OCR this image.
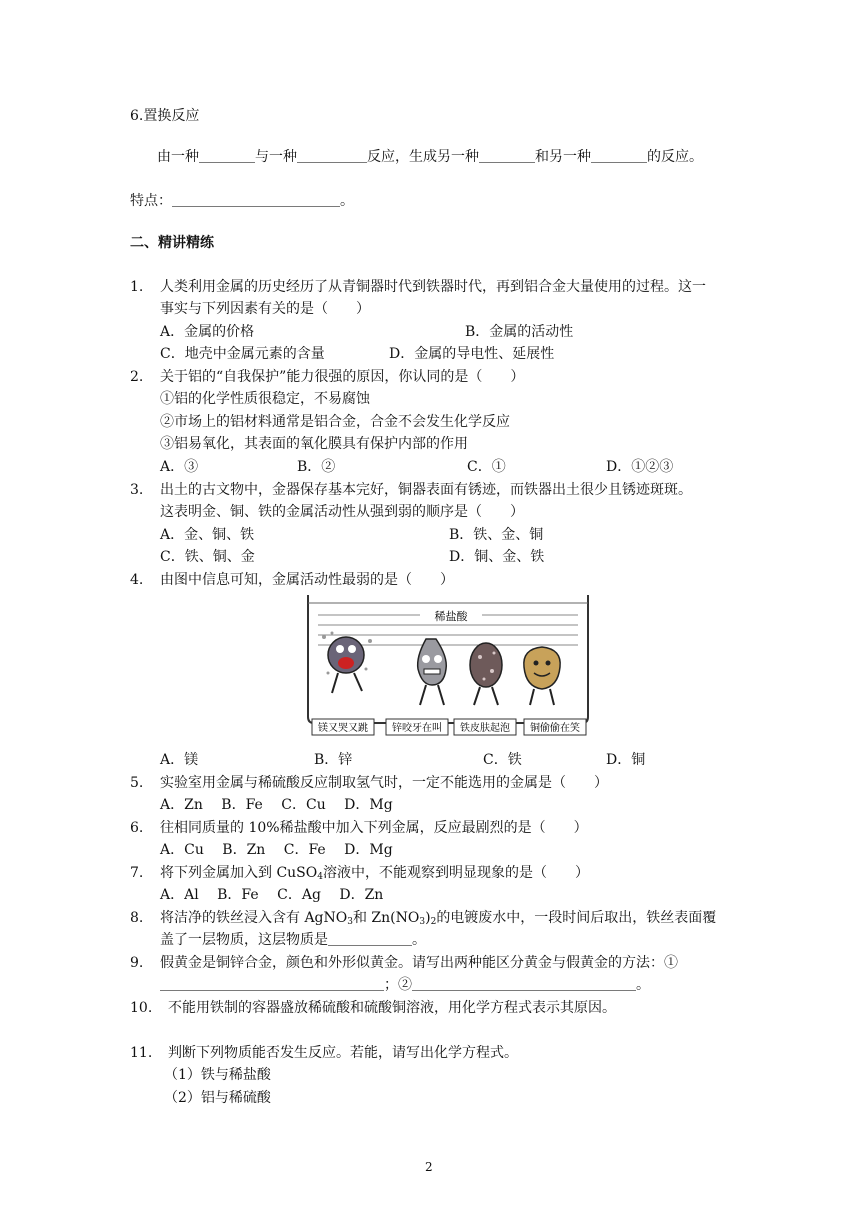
6.置换反应
由一种＿＿＿＿与一种＿＿＿＿＿反应，生成另一种＿＿＿＿和另一种＿＿＿＿的反应。
特点：＿＿＿＿＿＿＿＿＿＿＿＿。
二、精讲精练
1. 人类利用金属的历史经历了从青铜器时代到铁器时代，再到铝合金大量使用的过程。这一
事实与下列因素有关的是（　　）
A．金属的价格	B．金属的活动性
C．地壳中金属元素的含量	D．金属的导电性、延展性
2. 关于铝的“自我保护”能力很强的原因，你认同的是（　　）
①铝的化学性质很稳定，不易腐蚀
②市场上的铝材料通常是铝合金，合金不会发生化学反应
③铝易氧化，其表面的氧化膜具有保护内部的作用
A．③	B．②	C．①	D．①②③
3. 出土的古文物中，金器保存基本完好，铜器表面有锈迹，而铁器出土很少且锈迹斑斑。
这表明金、铜、铁的金属活动性从强到弱的顺序是（　　）
A．金、铜、铁	B．铁、金、铜
C．铁、铜、金	D．铜、金、铁
4. 由图中信息可知，金属活动性最弱的是（　　）
稀盐酸
镁又哭又跳 锌咬牙在叫 铁皮肤起泡 铜偷偷在笑
A．镁	B．锌	C．铁	D．铜
5. 实验室用金属与稀硫酸反应制取氢气时，一定不能选用的金属是（　　）
A．Zn　 B．Fe　 C．Cu　 D．Mg
6. 往相同质量的 10%稀盐酸中加入下列金属，反应最剧烈的是（　　）
A．Cu　 B．Zn　 C．Fe　 D．Mg
7. 将下列金属加入到 CuSO$_4$溶液中，不能观察到明显现象的是（　　）
A．Al　 B．Fe　 C．Ag　 D．Zn
8. 将洁净的铁丝浸入含有 AgNO$_3$和 $Zn(NO_3)_2$的电镀废水中，一段时间后取出，铁丝表面覆
盖了一层物质，这层物质是＿＿＿＿＿＿。
9. 假黄金是铜锌合金，颜色和外形似黄金。请写出两种能区分黄金与假黄金的方法：①
＿＿＿＿＿＿＿＿＿＿＿＿＿＿＿＿；②＿＿＿＿＿＿＿＿＿＿＿＿＿＿＿＿。
10. 不能用铁制的容器盛放稀硫酸和硫酸铜溶液，用化学方程式表示其原因。
11. 判断下列物质能否发生反应。若能，请写出化学方程式。
（1）铁与稀盐酸
（2）铝与稀硫酸
2
